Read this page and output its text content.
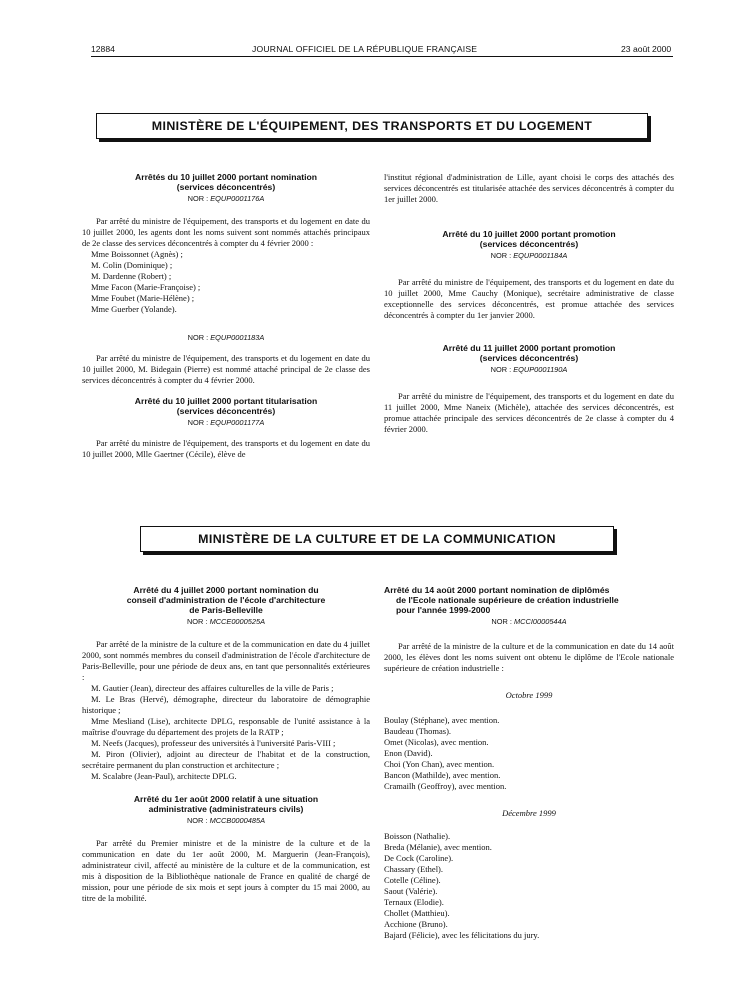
12884	JOURNAL OFFICIEL DE LA RÉPUBLIQUE FRANÇAISE	23 août 2000
MINISTÈRE DE L'ÉQUIPEMENT, DES TRANSPORTS ET DU LOGEMENT
Arrêtés du 10 juillet 2000 portant nomination
(services déconcentrés)
NOR : EQUP0001176A

Par arrêté du ministre de l'équipement, des transports et du logement en date du 10 juillet 2000, les agents dont les noms suivent sont nommés attachés principaux de 2e classe des services déconcentrés à compter du 4 février 2000 :

Mme Boissonnet (Agnès) ;

M. Colin (Dominique) ;

M. Dardenne (Robert) ;

Mme Facon (Marie-Françoise) ;

Mme Foubet (Marie-Hélène) ;

Mme Guerber (Yolande).

NOR : EQUP0001183A

Par arrêté du ministre de l'équipement, des transports et du logement en date du 10 juillet 2000, M. Bidegain (Pierre) est nommé attaché principal de 2e classe des services déconcentrés à compter du 4 février 2000.

Arrêté du 10 juillet 2000 portant titularisation
(services déconcentrés)
NOR : EQUP0001177A

Par arrêté du ministre de l'équipement, des transports et du logement en date du 10 juillet 2000, Mlle Gaertner (Cécile), élève de

l'institut régional d'administration de Lille, ayant choisi le corps des attachés des services déconcentrés est titularisée attachée des services déconcentrés à compter du 1er juillet 2000.

Arrêté du 10 juillet 2000 portant promotion
(services déconcentrés)
NOR : EQUP0001184A

Par arrêté du ministre de l'équipement, des transports et du logement en date du 10 juillet 2000, Mme Cauchy (Monique), secrétaire administrative de classe exceptionnelle des services déconcentrés, est promue attachée des services déconcentrés à compter du 1er janvier 2000.

Arrêté du 11 juillet 2000 portant promotion
(services déconcentrés)
NOR : EQUP0001190A

Par arrêté du ministre de l'équipement, des transports et du logement en date du 11 juillet 2000, Mme Naneix (Michèle), attachée des services déconcentrés, est promue attachée principale des services déconcentrés de 2e classe à compter du 4 février 2000.

MINISTÈRE DE LA CULTURE ET DE LA COMMUNICATION
Arrêté du 4 juillet 2000 portant nomination du
conseil d'administration de l'école d'architecture
de Paris-Belleville
NOR : MCCE0000525A

Par arrêté de la ministre de la culture et de la communication en date du 4 juillet 2000, sont nommés membres du conseil d'administration de l'école d'architecture de Paris-Belleville, pour une période de deux ans, en tant que personnalités extérieures :

M. Gautier (Jean), directeur des affaires culturelles de la ville de Paris ;

M. Le Bras (Hervé), démographe, directeur du laboratoire de démographie historique ;

Mme Mesliand (Lise), architecte DPLG, responsable de l'unité assistance à la maîtrise d'ouvrage du département des projets de la RATP ;

M. Neefs (Jacques), professeur des universités à l'université Paris-VIII ;

M. Piron (Olivier), adjoint au directeur de l'habitat et de la construction, secrétaire permanent du plan construction et architecture ;

M. Scalabre (Jean-Paul), architecte DPLG.

Arrêté du 1er août 2000 relatif à une situation
administrative (administrateurs civils)
NOR : MCCB0000485A

Par arrêté du Premier ministre et de la ministre de la culture et de la communication en date du 1er août 2000, M. Marguerin (Jean-François), administrateur civil, affecté au ministère de la culture et de la communication, est mis à disposition de la Bibliothèque nationale de France en qualité de chargé de mission, pour une période de six mois et sept jours à compter du 15 mai 2000, au titre de la mobilité.

Arrêté du 14 août 2000 portant nomination de diplômés
de l'Ecole nationale supérieure de création industrielle
pour l'année 1999-2000
NOR : MCCI0000544A

Par arrêté de la ministre de la culture et de la communication en date du 14 août 2000, les élèves dont les noms suivent ont obtenu le diplôme de l'Ecole nationale supérieure de création industrielle :

Octobre 1999

Boulay (Stéphane), avec mention.

Baudeau (Thomas).

Omet (Nicolas), avec mention.

Enon (David).

Choi (Yon Chan), avec mention.

Bancon (Mathilde), avec mention.

Cramailh (Geoffroy), avec mention.

Décembre 1999

Boisson (Nathalie).

Breda (Mélanie), avec mention.

De Cock (Caroline).

Chassary (Ethel).

Cotelle (Céline).

Saout (Valérie).

Ternaux (Elodie).

Chollet (Matthieu).

Acchione (Bruno).

Bajard (Félicie), avec les félicitations du jury.
